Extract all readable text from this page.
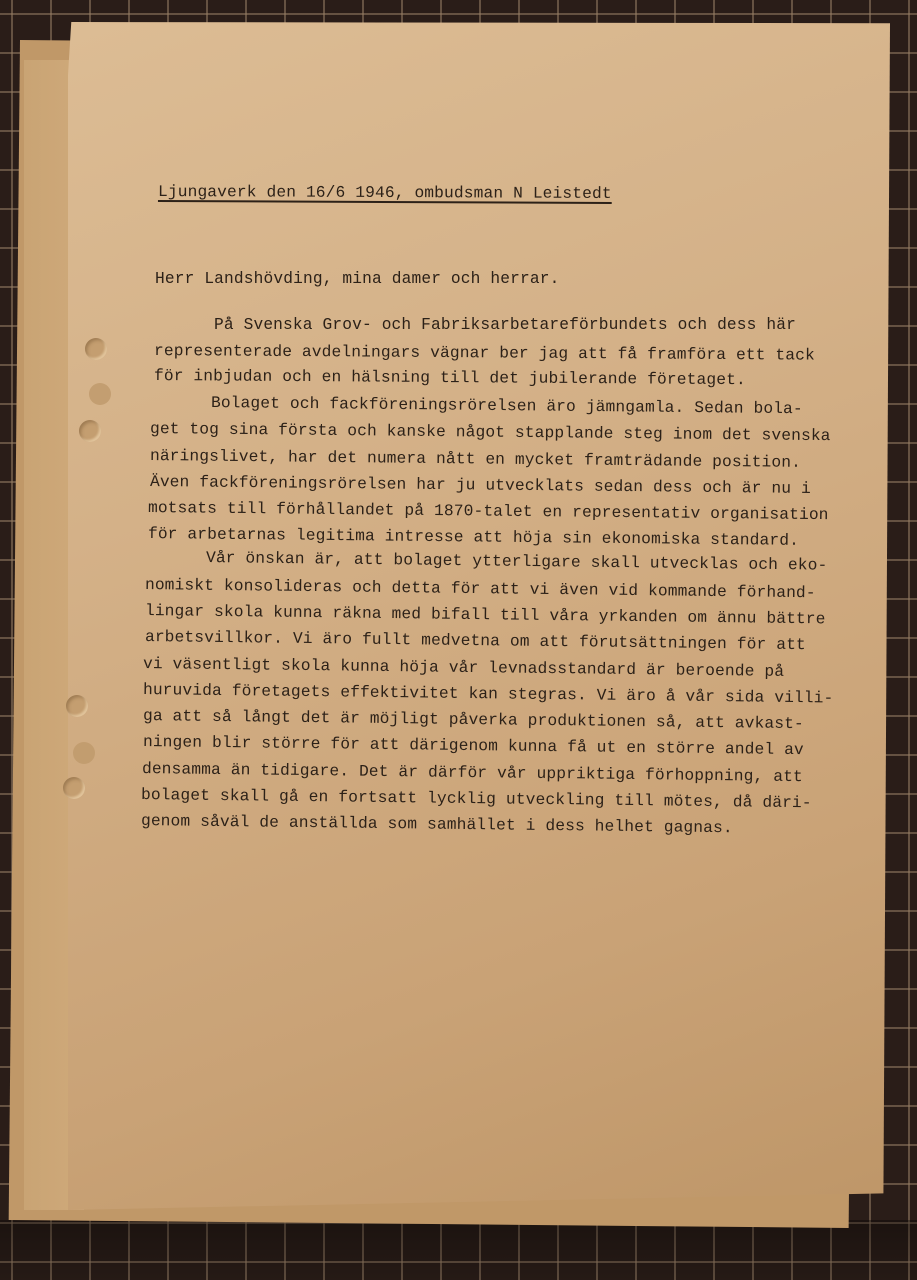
Ljungaverk den 16/6 1946, ombudsman N Leistedt
Herr Landshövding, mina damer och herrar.
På Svenska Grov- och Fabriksarbetareförbundets och dess här
representerade avdelningars vägnar ber jag att få framföra ett tack
för inbjudan och en hälsning till det jubilerande företaget.
Bolaget och fackföreningsrörelsen äro jämngamla. Sedan bola-
get tog sina första och kanske något stapplande steg inom det svenska
näringslivet, har det numera nått en mycket framträdande position.
Även fackföreningsrörelsen har ju utvecklats sedan dess och är nu i
motsats till förhållandet på 1870-talet en representativ organisation
för arbetarnas legitima intresse att höja sin ekonomiska standard.
Vår önskan är, att bolaget ytterligare skall utvecklas och eko-
nomiskt konsolideras och detta för att vi även vid kommande förhand-
lingar skola kunna räkna med bifall till våra yrkanden om ännu bättre
arbetsvillkor. Vi äro fullt medvetna om att förutsättningen för att
vi väsentligt skola kunna höja vår levnadsstandard är beroende på
huruvida företagets effektivitet kan stegras. Vi äro å vår sida villi-
ga att så långt det är möjligt påverka produktionen så, att avkast-
ningen blir större för att därigenom kunna få ut en större andel av
densamma än tidigare. Det är därför vår uppriktiga förhoppning, att
bolaget skall gå en fortsatt lycklig utveckling till mötes, då däri-
genom såväl de anställda som samhället i dess helhet gagnas.
